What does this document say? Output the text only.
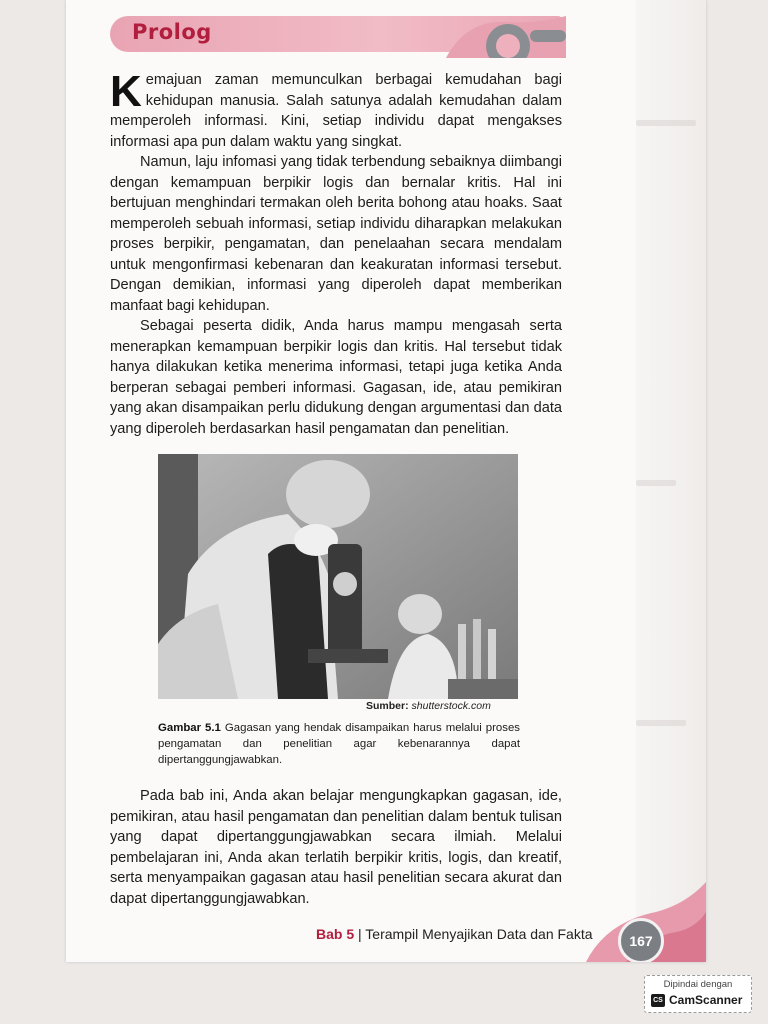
Prolog

Kemajuan zaman memunculkan berbagai kemudahan bagi kehidupan manusia. Salah satunya adalah kemudahan dalam memperoleh informasi. Kini, setiap individu dapat mengakses informasi apa pun dalam waktu yang singkat.

Namun, laju infomasi yang tidak terbendung sebaiknya diimbangi dengan kemampuan berpikir logis dan bernalar kritis. Hal ini bertujuan menghindari termakan oleh berita bohong atau hoaks. Saat memperoleh sebuah informasi, setiap individu diharapkan melakukan proses berpikir, pengamatan, dan penelaahan secara mendalam untuk mengonfirmasi kebenaran dan keakuratan informasi tersebut. Dengan demikian, informasi yang diperoleh dapat memberikan manfaat bagi kehidupan.

Sebagai peserta didik, Anda harus mampu mengasah serta menerapkan kemampuan berpikir logis dan kritis. Hal tersebut tidak hanya dilakukan ketika menerima informasi, tetapi juga ketika Anda berperan sebagai pemberi informasi. Gagasan, ide, atau pemikiran yang akan disampaikan perlu didukung dengan argumentasi dan data yang diperoleh berdasarkan hasil pengamatan dan penelitian.

Sumber: shutterstock.com
Gambar 5.1 Gagasan yang hendak disampaikan harus melalui proses pengamatan dan penelitian agar kebenarannya dapat dipertanggungjawabkan.

Pada bab ini, Anda akan belajar mengungkapkan gagasan, ide, pemikiran, atau hasil pengamatan dan penelitian dalam bentuk tulisan yang dapat dipertanggungjawabkan secara ilmiah. Melalui pembelajaran ini, Anda akan terlatih berpikir kritis, logis, dan kreatif, serta menyampaikan gagasan atau hasil penelitian secara akurat dan dapat dipertanggungjawabkan.

Bab 5 | Terampil Menyajikan Data dan Fakta	167
Dipindai dengan
CS CamScanner
